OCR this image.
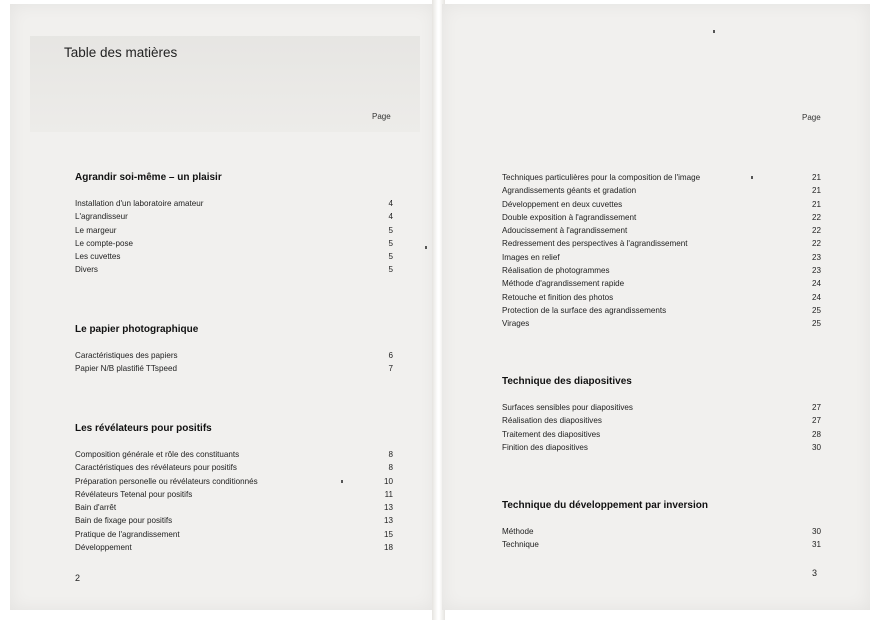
Table des matières
Page
Agrandir soi-même – un plaisir
Installation d'un laboratoire amateur	4
L'agrandisseur	4
Le margeur	5
Le compte-pose	5
Les cuvettes	5
Divers	5
Le papier photographique
Caractéristiques des papiers	6
Papier N/B plastifié TTspeed	7
Les révélateurs pour positifs
Composition générale et rôle des constituants	8
Caractéristiques des révélateurs pour positifs	8
Préparation personelle ou révélateurs conditionnés	10
Révélateurs Tetenal pour positifs	11
Bain d'arrêt	13
Bain de fixage pour positifs	13
Pratique de l'agrandissement	15
Développement	18
2
Page
Techniques particulières pour la composition de l'image	21
Agrandissements géants et gradation	21
Développement en deux cuvettes	21
Double exposition à l'agrandissement	22
Adoucissement à l'agrandissement	22
Redressement des perspectives à l'agrandissement	22
Images en relief	23
Réalisation de photogrammes	23
Méthode d'agrandissement rapide	24
Retouche et finition des photos	24
Protection de la surface des agrandissements	25
Virages	25
Technique des diapositives
Surfaces sensibles pour diapositives	27
Réalisation des diapositives	27
Traitement des diapositives	28
Finition des diapositives	30
Technique du développement par inversion
Méthode	30
Technique	31
3
